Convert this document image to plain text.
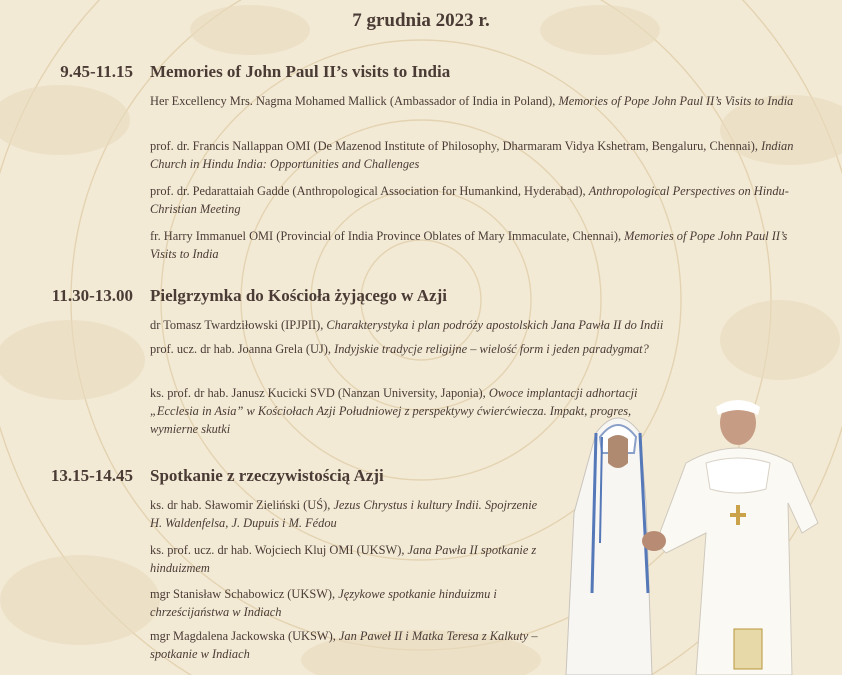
7 grudnia 2023 r.
9.45-11.15 Memories of John Paul II’s visits to India

Her Excellency Mrs. Nagma Mohamed Mallick (Ambassador of India in Poland), Memories of Pope John Paul II’s Visits to India

prof. dr. Francis Nallappan OMI (De Mazenod Institute of Philosophy, Dharmaram Vidya Kshetram, Bengaluru, Chennai), Indian Church in Hindu India: Opportunities and Challenges

prof. dr. Pedarattaiah Gadde (Anthropological Association for Humankind, Hyderabad), Anthropological Perspectives on Hindu-Christian Meeting

fr. Harry Immanuel OMI (Provincial of India Province Oblates of Mary Immaculate, Chennai), Memories of Pope John Paul II’s Visits to India

11.30-13.00 Pielgrzymka do Kościoła żyjącego w Azji

dr Tomasz Twardziłowski (IPJPII), Charakterystyka i plan podróży apostolskich Jana Pawła II do Indii

prof. ucz. dr hab. Joanna Grela (UJ), Indyjskie tradycje religijne – wielość form i jeden paradygmat?

ks. prof. dr hab. Janusz Kucicki SVD (Nanzan University, Japonia), Owoce implantacji adhortacji „Ecclesia in Asia” w Kościołach Azji Południowej z perspektywy ćwierćwiecza. Impakt, progres, wymierne skutki

13.15-14.45 Spotkanie z rzeczywistością Azji

ks. dr hab. Sławomir Zieliński (UŚ), Jezus Chrystus i kultury Indii. Spojrzenie H. Waldenfelsa, J. Dupuis i M. Fédou

ks. prof. ucz. dr hab. Wojciech Kluj OMI (UKSW), Jana Pawła II spotkanie z hinduizmem

mgr Stanisław Schabowicz (UKSW), Językowe spotkanie hinduizmu i chrześcijaństwa w Indiach

mgr Magdalena Jackowska (UKSW), Jan Paweł II i Matka Teresa z Kalkuty – spotkanie w Indiach
